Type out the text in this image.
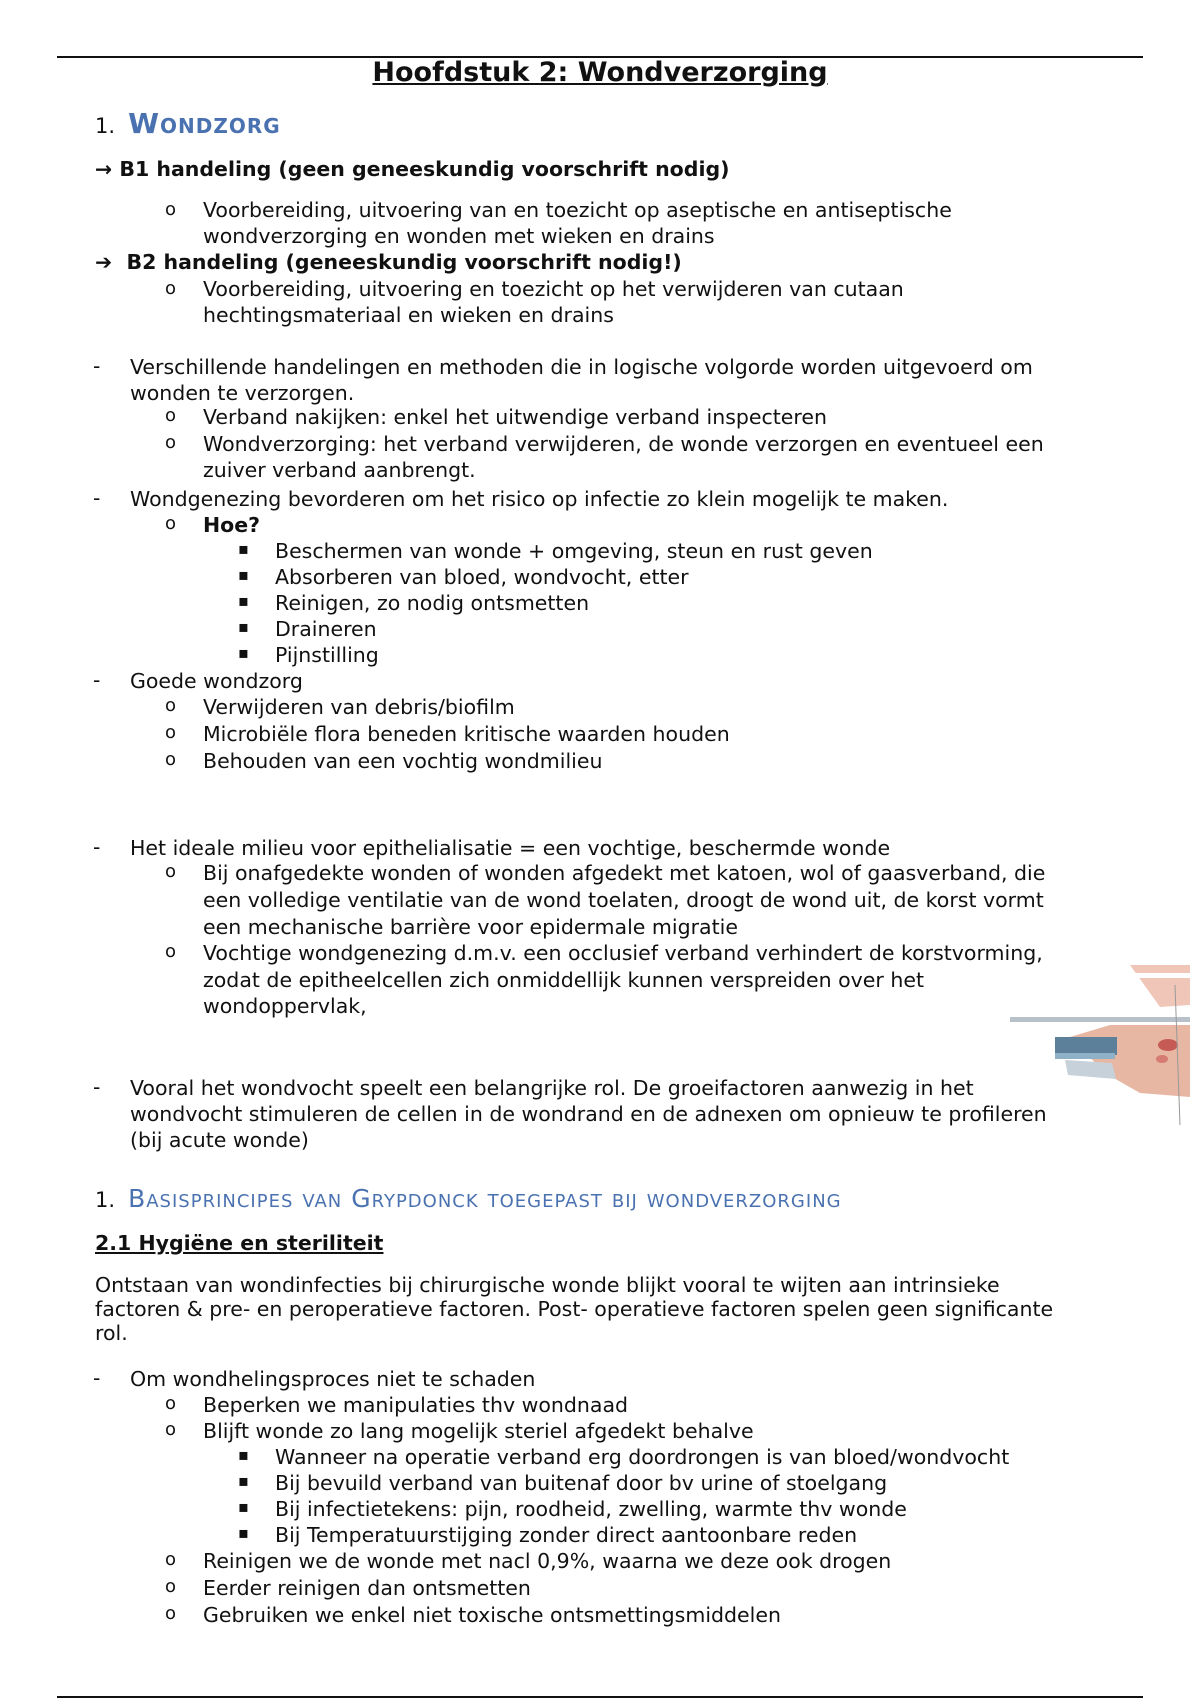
Hoofdstuk 2: Wondverzorging
1. Wondzorg
→ B1 handeling (geen geneeskundig voorschrift nodig)
o Voorbereiding, uitvoering van en toezicht op aseptische en antiseptische
wondverzorging en wonden met wieken en drains
➔ B2 handeling (geneeskundig voorschrift nodig!)
o Voorbereiding, uitvoering en toezicht op het verwijderen van cutaan
hechtingsmateriaal en wieken en drains
- Verschillende handelingen en methoden die in logische volgorde worden uitgevoerd om
wonden te verzorgen.
o Verband nakijken: enkel het uitwendige verband inspecteren
o Wondverzorging: het verband verwijderen, de wonde verzorgen en eventueel een
zuiver verband aanbrengt.
- Wondgenezing bevorderen om het risico op infectie zo klein mogelijk te maken.
o Hoe?
▪ Beschermen van wonde + omgeving, steun en rust geven
▪ Absorberen van bloed, wondvocht, etter
▪ Reinigen, zo nodig ontsmetten
▪ Draineren
▪ Pijnstilling
- Goede wondzorg
o Verwijderen van debris/biofilm
o Microbiële flora beneden kritische waarden houden
o Behouden van een vochtig wondmilieu
- Het ideale milieu voor epithelialisatie = een vochtige, beschermde wonde
o Bij onafgedekte wonden of wonden afgedekt met katoen, wol of gaasverband, die
een volledige ventilatie van de wond toelaten, droogt de wond uit, de korst vormt
een mechanische barrière voor epidermale migratie
o Vochtige wondgenezing d.m.v. een occlusief verband verhindert de korstvorming,
zodat de epitheelcellen zich onmiddellijk kunnen verspreiden over het
wondoppervlak,
- Vooral het wondvocht speelt een belangrijke rol. De groeifactoren aanwezig in het
wondvocht stimuleren de cellen in de wondrand en de adnexen om opnieuw te profileren
(bij acute wonde)
1. Basisprincipes van Grypdonck toegepast bij wondverzorging
2.1 Hygiëne en steriliteit
Ontstaan van wondinfecties bij chirurgische wonde blijkt vooral te wijten aan intrinsieke
factoren & pre- en peroperatieve factoren. Post- operatieve factoren spelen geen significante
rol.
- Om wondhelingsproces niet te schaden
o Beperken we manipulaties thv wondnaad
o Blijft wonde zo lang mogelijk steriel afgedekt behalve
▪ Wanneer na operatie verband erg doordrongen is van bloed/wondvocht
▪ Bij bevuild verband van buitenaf door bv urine of stoelgang
▪ Bij infectietekens: pijn, roodheid, zwelling, warmte thv wonde
▪ Bij Temperatuurstijging zonder direct aantoonbare reden
o Reinigen we de wonde met nacl 0,9%, waarna we deze ook drogen
o Eerder reinigen dan ontsmetten
o Gebruiken we enkel niet toxische ontsmettingsmiddelen
